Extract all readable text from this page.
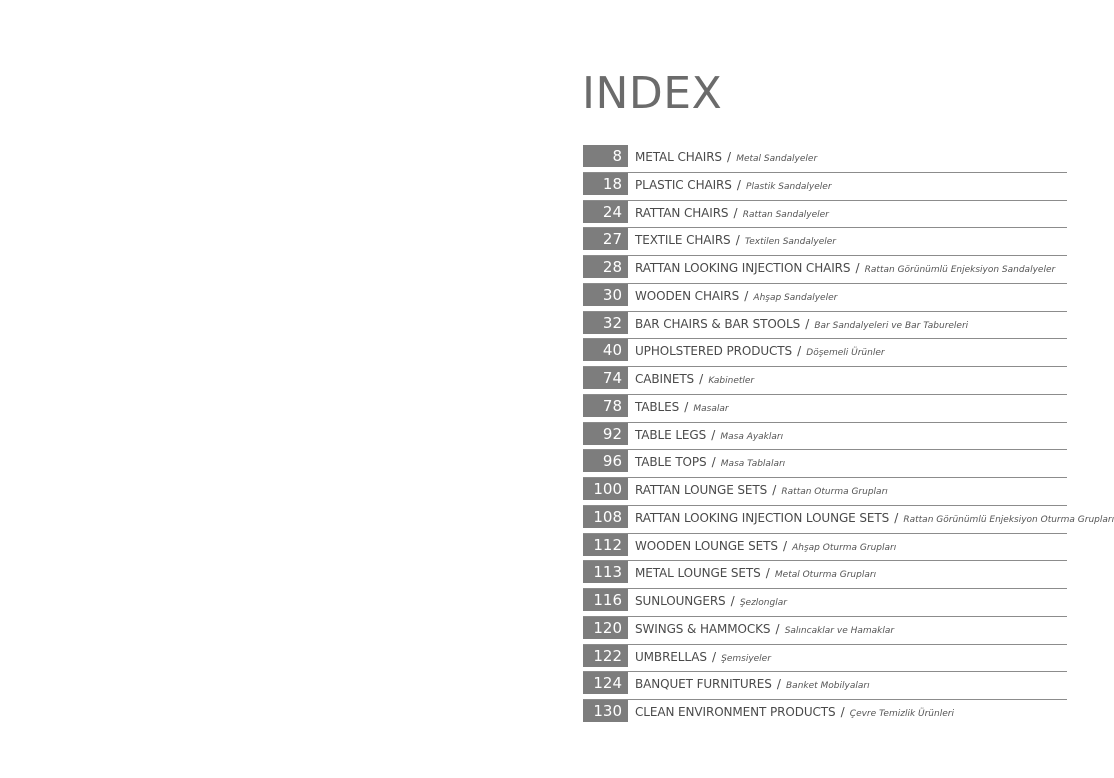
INDEX
8	METAL CHAIRS / Metal Sandalyeler
18	PLASTIC CHAIRS / Plastik Sandalyeler
24	RATTAN CHAIRS / Rattan Sandalyeler
27	TEXTILE CHAIRS / Textilen Sandalyeler
28	RATTAN LOOKING INJECTION CHAIRS / Rattan Görünümlü Enjeksiyon Sandalyeler
30	WOODEN CHAIRS / Ahşap Sandalyeler
32	BAR CHAIRS & BAR STOOLS / Bar Sandalyeleri ve Bar Tabureleri
40	UPHOLSTERED PRODUCTS / Döşemeli Ürünler
74	CABINETS / Kabinetler
78	TABLES / Masalar
92	TABLE LEGS / Masa Ayakları
96	TABLE TOPS / Masa Tablaları
100	RATTAN LOUNGE SETS / Rattan Oturma Grupları
108	RATTAN LOOKING INJECTION LOUNGE SETS / Rattan Görünümlü Enjeksiyon Oturma Grupları
112	WOODEN LOUNGE SETS / Ahşap Oturma Grupları
113	METAL LOUNGE SETS / Metal Oturma Grupları
116	SUNLOUNGERS / Şezlonglar
120	SWINGS & HAMMOCKS / Salıncaklar ve Hamaklar
122	UMBRELLAS / Şemsiyeler
124	BANQUET FURNITURES / Banket Mobilyaları
130	CLEAN ENVIRONMENT PRODUCTS / Çevre Temizlik Ürünleri
